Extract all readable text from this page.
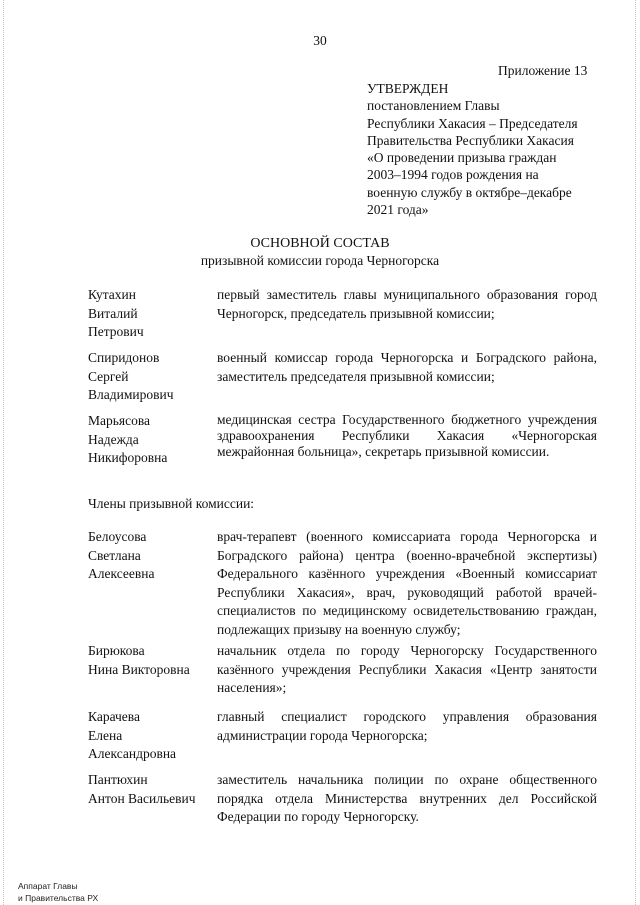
30
Приложение 13
УТВЕРЖДЕН
постановлением Главы
Республики Хакасия – Председателя
Правительства Республики Хакасия
«О проведении призыва граждан
2003–1994 годов рождения на
военную службу в октябре–декабре
2021 года»
ОСНОВНОЙ СОСТАВ
призывной комиссии города Черногорска
Кутахин
Виталий
Петрович
первый заместитель главы муниципального образования город Черногорск, председатель призывной комиссии;
Спиридонов
Сергей
Владимирович
военный комиссар города Черногорска и Боградского района, заместитель председателя призывной комиссии;
Марьясова
Надежда
Никифоровна
медицинская сестра Государственного бюджетного учреждения здравоохранения Республики Хакасия «Черногорская межрайонная больница», секретарь призывной комиссии.
Члены призывной комиссии:
Белоусова
Светлана
Алексеевна
врач-терапевт (военного комиссариата города Черногорска и Боградского района) центра (военно-врачебной экспертизы) Федерального казённого учреждения «Военный комиссариат Республики Хакасия», врач, руководящий работой врачей-специалистов по медицинскому освидетельствованию граждан, подлежащих призыву на военную службу;
Бирюкова
Нина Викторовна
начальник отдела по городу Черногорску Государственного казённого учреждения Республики Хакасия «Центр занятости населения»;
Карачева
Елена
Александровна
главный специалист городского управления образования администрации города Черногорска;
Пантюхин
Антон Васильевич
заместитель начальника полиции по охране общественного порядка отдела Министерства внутренних дел Российской Федерации по городу Черногорску.
Аппарат Главы
и Правительства РХ
